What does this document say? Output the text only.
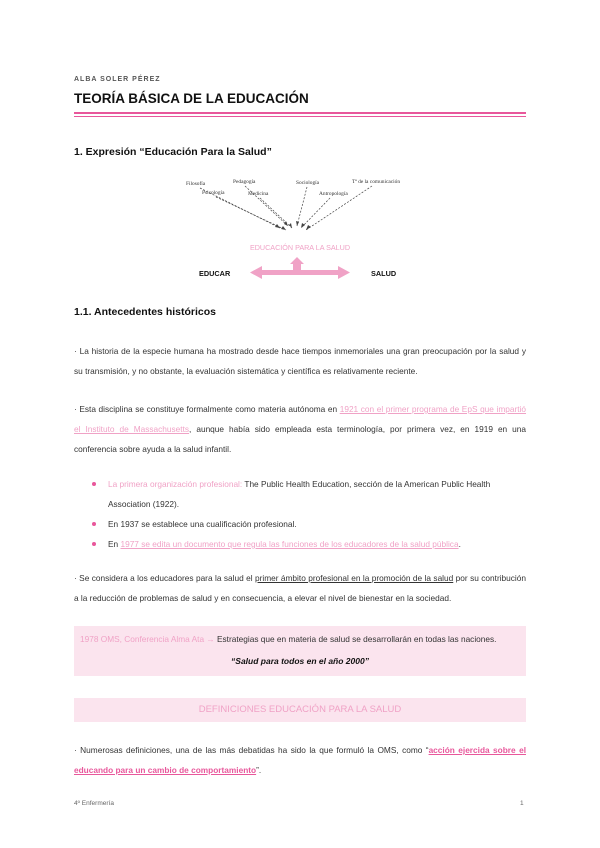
ALBA SOLER PÉREZ
TEORÍA BÁSICA DE LA EDUCACIÓN
1. Expresión “Educación Para la Salud”
Filosofía
Psicología
Pedagogía
Medicina
Sociología
Antropología
Tª de la comunicación
EDUCACIÓN PARA LA SALUD
EDUCAR	SALUD
1.1. Antecedentes históricos

· La historia de la especie humana ha mostrado desde hace tiempos inmemoriales una gran preocupación por la salud y su transmisión, y no obstante, la evaluación sistemática y científica es relativamente reciente.

· Esta disciplina se constituye formalmente como materia autónoma en 1921 con el primer programa de EpS que impartió el Instituto de Massachusetts, aunque había sido empleada esta terminología, por primera vez, en 1919 en una conferencia sobre ayuda a la salud infantil.

La primera organización profesional: The Public Health Education, sección de la American Public Health Association (1922).
En 1937 se establece una cualificación profesional.
En 1977 se edita un documento que regula las funciones de los educadores de la salud pública.

· Se considera a los educadores para la salud el primer ámbito profesional en la promoción de la salud por su contribución a la reducción de problemas de salud y en consecuencia, a elevar el nivel de bienestar en la sociedad.

1978 OMS, Conferencia Alma Ata → Estrategias que en materia de salud se desarrollarán en todas las naciones.
“Salud para todos en el año 2000”
DEFINICIONES EDUCACIÓN PARA LA SALUD

· Numerosas definiciones, una de las más debatidas ha sido la que formuló la OMS, como “acción ejercida sobre el educando para un cambio de comportamiento”.

4º Enfermería	1
